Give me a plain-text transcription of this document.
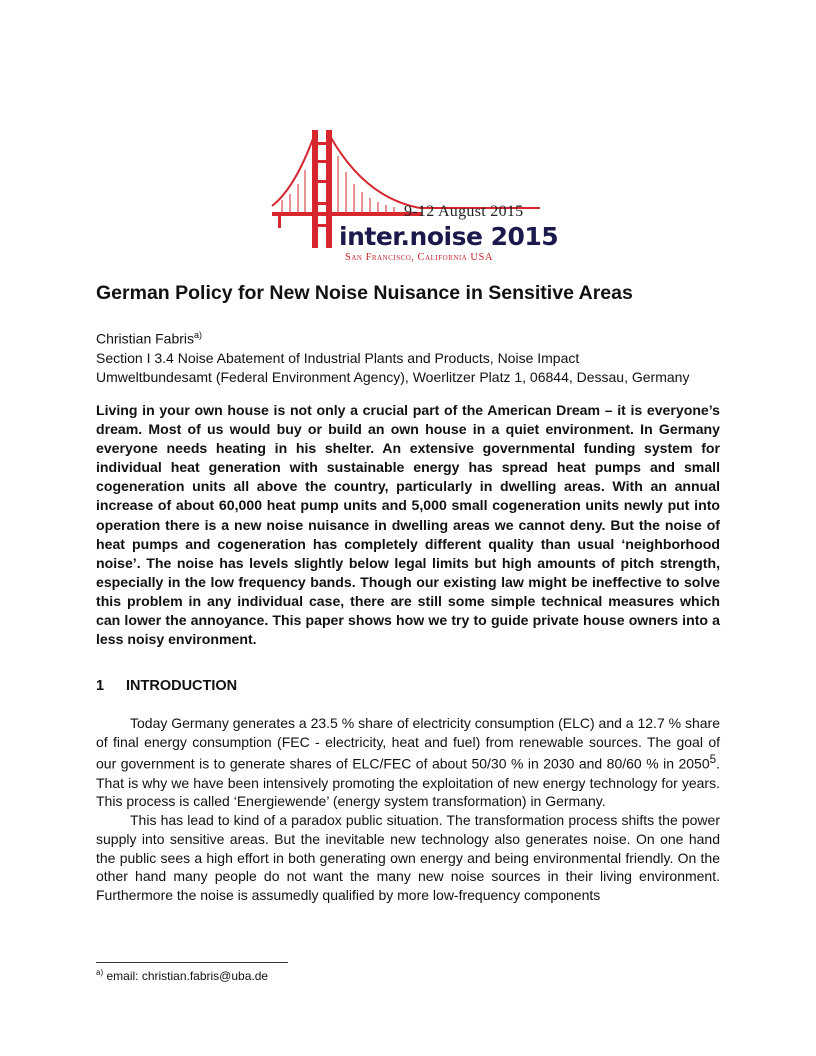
9-12 August 2015
inter.noise 2015
San Francisco, California USA
German Policy for New Noise Nuisance in Sensitive Areas
Christian Fabris$^{a)}$
Section I 3.4 Noise Abatement of Industrial Plants and Products, Noise Impact
Umweltbundesamt (Federal Environment Agency), Woerlitzer Platz 1, 06844, Dessau, Germany
Living in your own house is not only a crucial part of the American Dream – it is everyone’s dream. Most of us would buy or build an own house in a quiet environment. In Germany everyone needs heating in his shelter. An extensive governmental funding system for individual heat generation with sustainable energy has spread heat pumps and small cogeneration units all above the country, particularly in dwelling areas. With an annual increase of about 60,000 heat pump units and 5,000 small cogeneration units newly put into operation there is a new noise nuisance in dwelling areas we cannot deny. But the noise of heat pumps and cogeneration has completely different quality than usual ‘neighborhood noise’. The noise has levels slightly below legal limits but high amounts of pitch strength, especially in the low frequency bands. Though our existing law might be ineffective to solve this problem in any individual case, there are still some simple technical measures which can lower the annoyance. This paper shows how we try to guide private house owners into a less noisy environment.
1 INTRODUCTION

Today Germany generates a 23.5 % share of electricity consumption (ELC) and a 12.7 % share of final energy consumption (FEC - electricity, heat and fuel) from renewable sources. The goal of our government is to generate shares of ELC/FEC of about 50/30 % in 2030 and 80/60 % in 2050$^5$. That is why we have been intensively promoting the exploitation of new energy technology for years. This process is called ‘Energiewende’ (energy system transformation) in Germany.

This has lead to kind of a paradox public situation. The transformation process shifts the power supply into sensitive areas. But the inevitable new technology also generates noise. On one hand the public sees a high effort in both generating own energy and being environmental friendly. On the other hand many people do not want the many new noise sources in their living environment. Furthermore the noise is assumedly qualified by more low-frequency components

$^{a)}$ email: christian.fabris@uba.de
